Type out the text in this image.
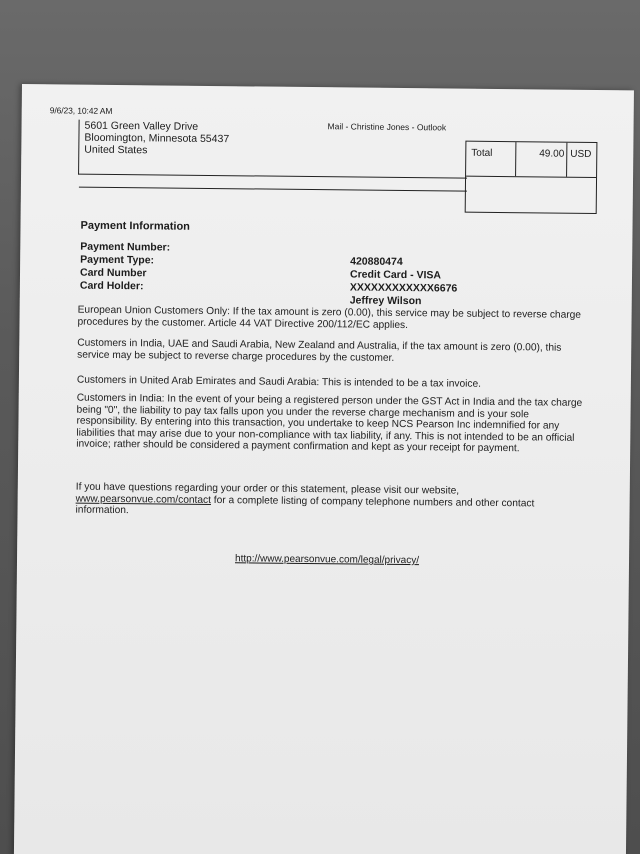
9/6/23, 10:42 AM
Mail - Christine Jones - Outlook
5601 Green Valley Drive
Bloomington, Minnesota 55437
United States	Total	49.00 USD
Payment Information
Payment Number:
Payment Type:
Card Number
Card Holder:
420880474
Credit Card - VISA
XXXXXXXXXXXX6676
Jeffrey Wilson
European Union Customers Only: If the tax amount is zero (0.00), this service may be subject to reverse charge procedures by the customer. Article 44 VAT Directive 200/112/EC applies.
Customers in India, UAE and Saudi Arabia, New Zealand and Australia, if the tax amount is zero (0.00), this service may be subject to reverse charge procedures by the customer.
Customers in United Arab Emirates and Saudi Arabia: This is intended to be a tax invoice.
Customers in India: In the event of your being a registered person under the GST Act in India and the tax charge being "0", the liability to pay tax falls upon you under the reverse charge mechanism and is your sole responsibility. By entering into this transaction, you undertake to keep NCS Pearson Inc indemnified for any liabilities that may arise due to your non-compliance with tax liability, if any. This is not intended to be an official invoice; rather should be considered a payment confirmation and kept as your receipt for payment.
If you have questions regarding your order or this statement, please visit our website,
www.pearsonvue.com/contact for a complete listing of company telephone numbers and other contact information.
http://www.pearsonvue.com/legal/privacy/
